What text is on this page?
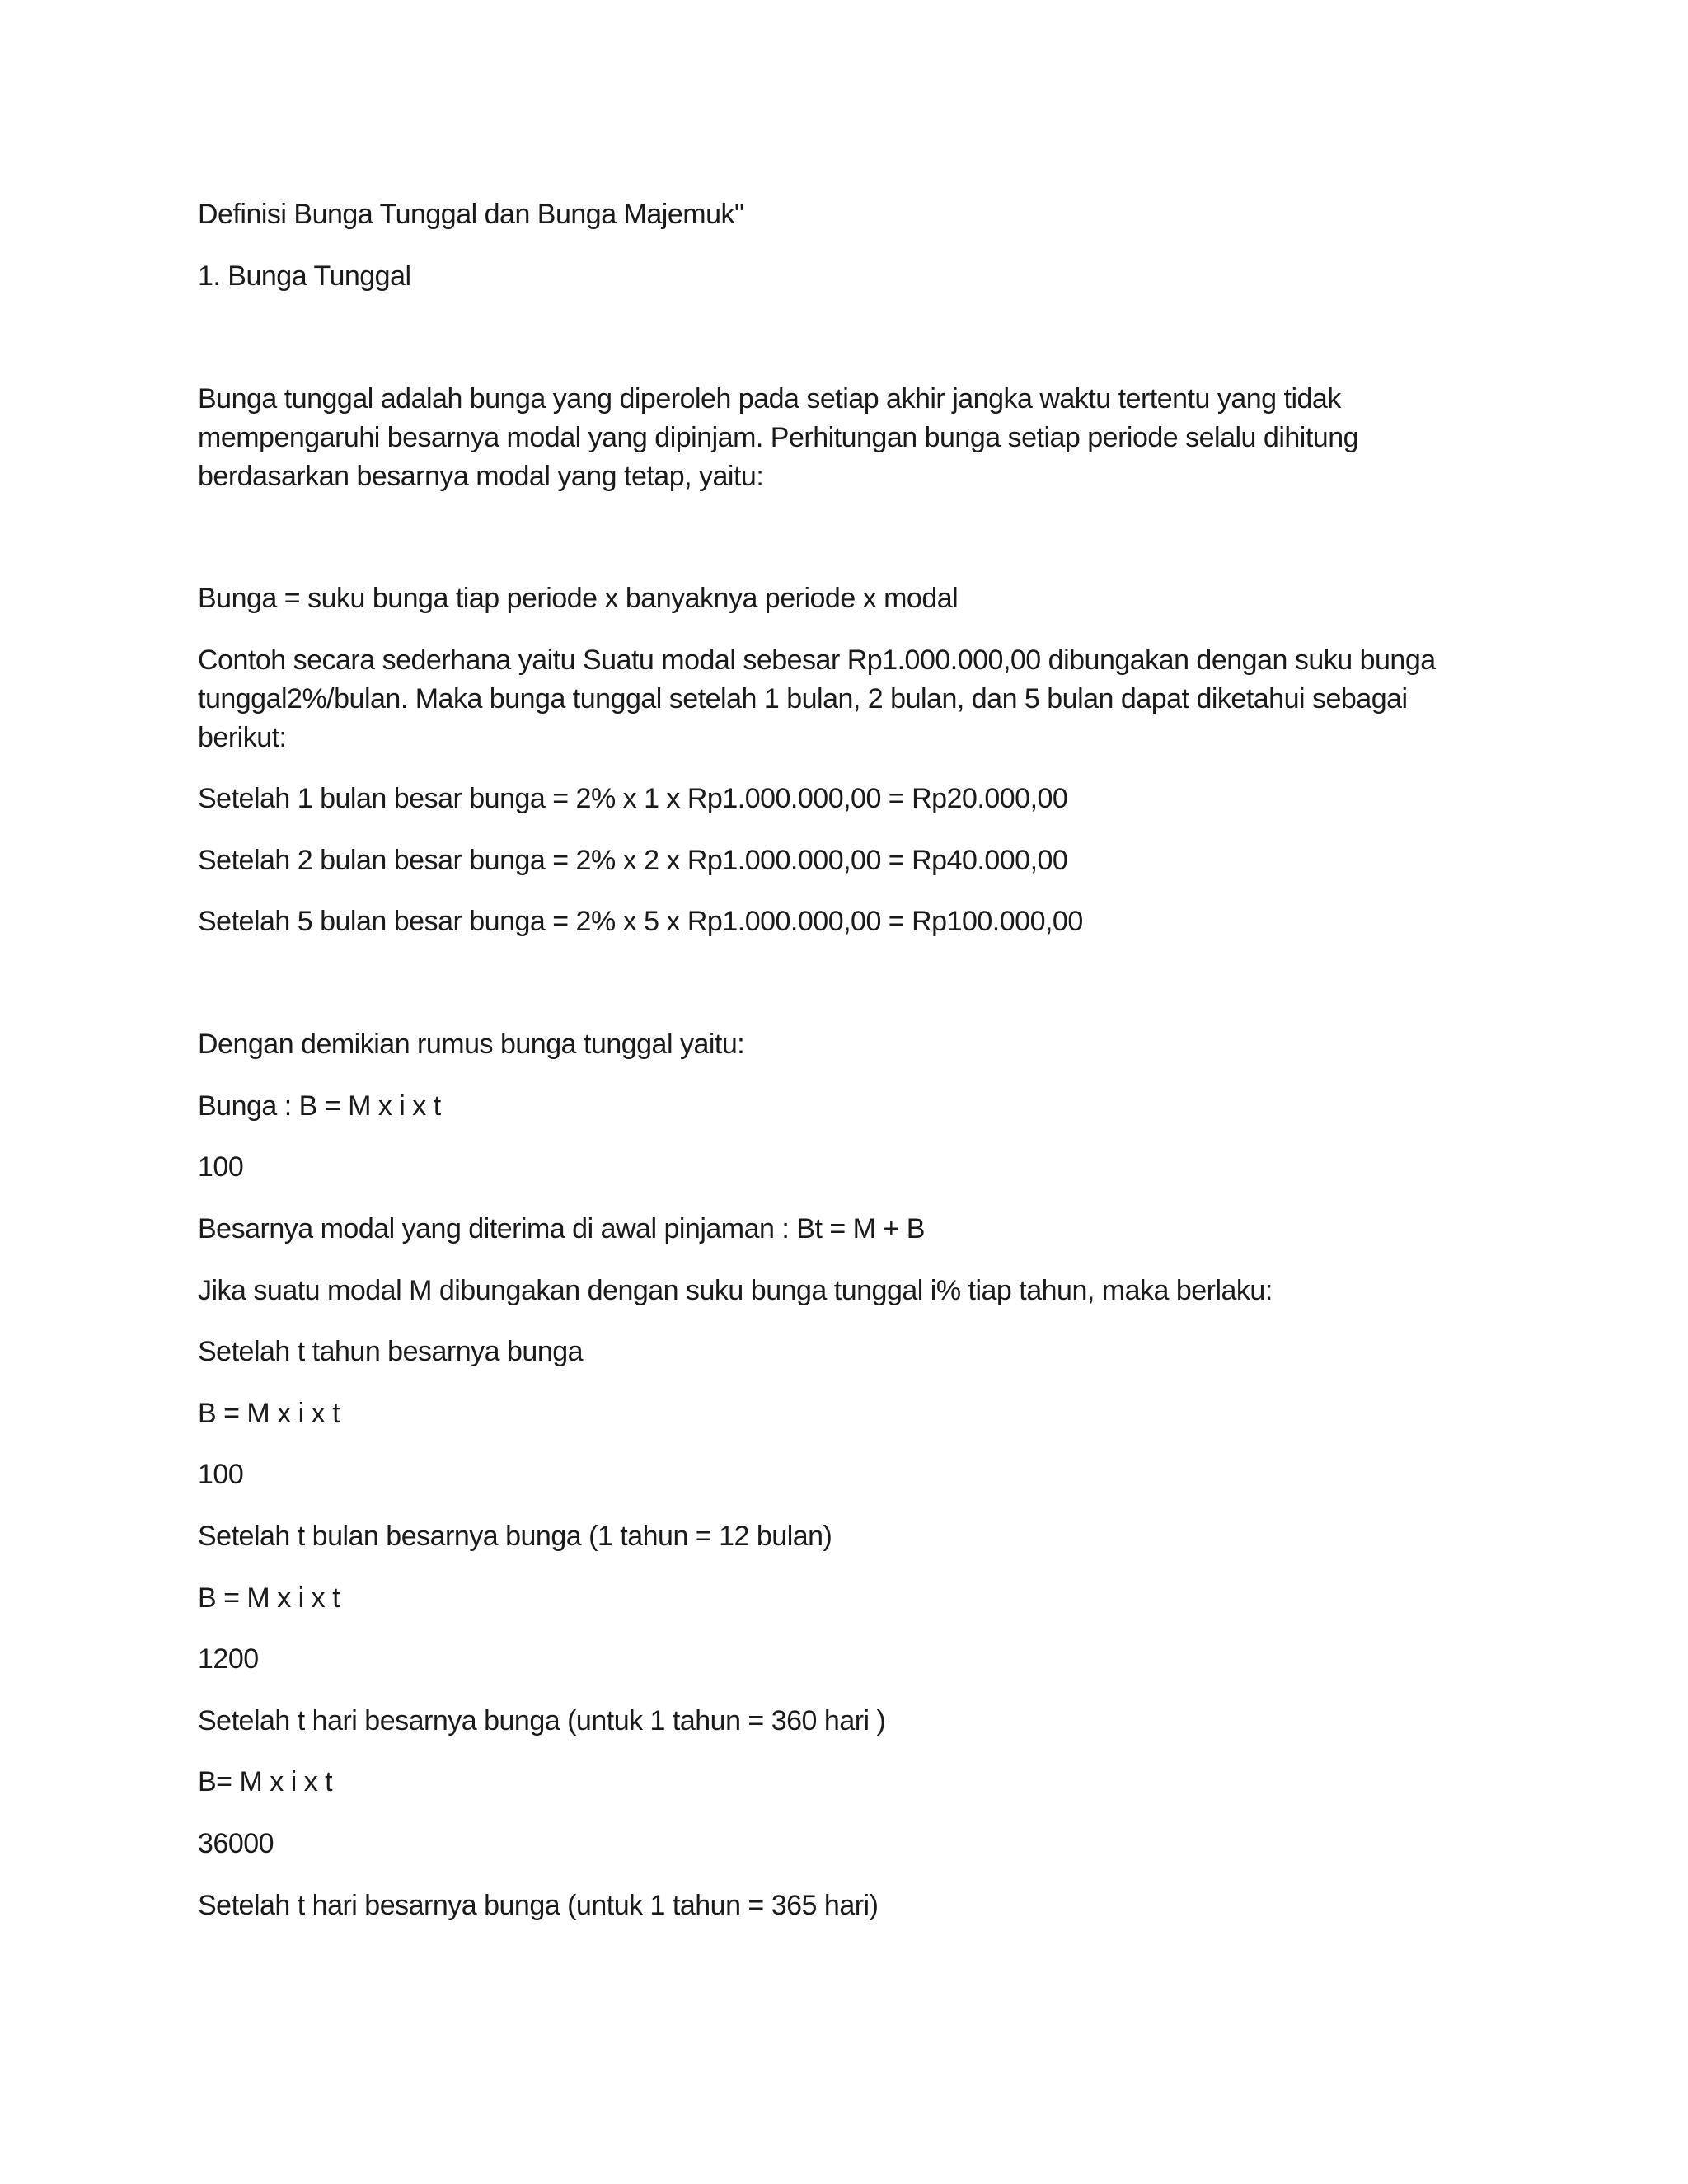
Definisi Bunga Tunggal dan Bunga Majemuk"
1. Bunga Tunggal
Bunga tunggal adalah bunga yang diperoleh pada setiap akhir jangka waktu tertentu yang tidak
mempengaruhi besarnya modal yang dipinjam. Perhitungan bunga setiap periode selalu dihitung
berdasarkan besarnya modal yang tetap, yaitu:
Bunga = suku bunga tiap periode x banyaknya periode x modal
Contoh secara sederhana yaitu Suatu modal sebesar Rp1.000.000,00 dibungakan dengan suku bunga
tunggal2%/bulan. Maka bunga tunggal setelah 1 bulan, 2 bulan, dan 5 bulan dapat diketahui sebagai
berikut:
Setelah 1 bulan besar bunga = 2% x 1 x Rp1.000.000,00 = Rp20.000,00
Setelah 2 bulan besar bunga = 2% x 2 x Rp1.000.000,00 = Rp40.000,00
Setelah 5 bulan besar bunga = 2% x 5 x Rp1.000.000,00 = Rp100.000,00
Dengan demikian rumus bunga tunggal yaitu:
Bunga : B = M x i x t
100
Besarnya modal yang diterima di awal pinjaman : Bt = M + B
Jika suatu modal M dibungakan dengan suku bunga tunggal i% tiap tahun, maka berlaku:
Setelah t tahun besarnya bunga
B = M x i x t
100
Setelah t bulan besarnya bunga (1 tahun = 12 bulan)
B = M x i x t
1200
Setelah t hari besarnya bunga (untuk 1 tahun = 360 hari )
B= M x i x t
36000
Setelah t hari besarnya bunga (untuk 1 tahun = 365 hari)
